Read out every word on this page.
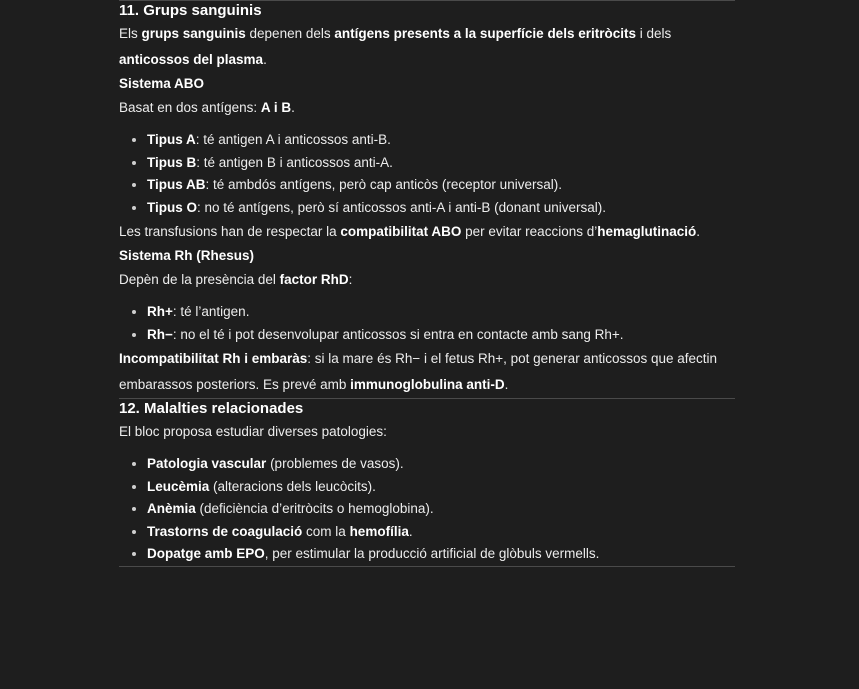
11. Grups sanguinis

Els grups sanguinis depenen dels antígens presents a la superfície dels eritròcits i dels anticossos del plasma.

Sistema ABO

Basat en dos antígens: A i B.

Tipus A: té antigen A i anticossos anti-B.
Tipus B: té antigen B i anticossos anti-A.
Tipus AB: té ambdós antígens, però cap anticòs (receptor universal).
Tipus O: no té antígens, però sí anticossos anti-A i anti-B (donant universal).

Les transfusions han de respectar la compatibilitat ABO per evitar reaccions d’hemaglutinació.

Sistema Rh (Rhesus)

Depèn de la presència del factor RhD:

Rh+: té l’antigen.
Rh−: no el té i pot desenvolupar anticossos si entra en contacte amb sang Rh+.

Incompatibilitat Rh i embaràs: si la mare és Rh− i el fetus Rh+, pot generar anticossos que afectin embarassos posteriors. Es prevé amb immunoglobulina anti-D.

12. Malalties relacionades

El bloc proposa estudiar diverses patologies:

Patologia vascular (problemes de vasos).
Leucèmia (alteracions dels leucòcits).
Anèmia (deficiència d’eritròcits o hemoglobina).
Trastorns de coagulació com la hemofília.
Dopatge amb EPO, per estimular la producció artificial de glòbuls vermells.
